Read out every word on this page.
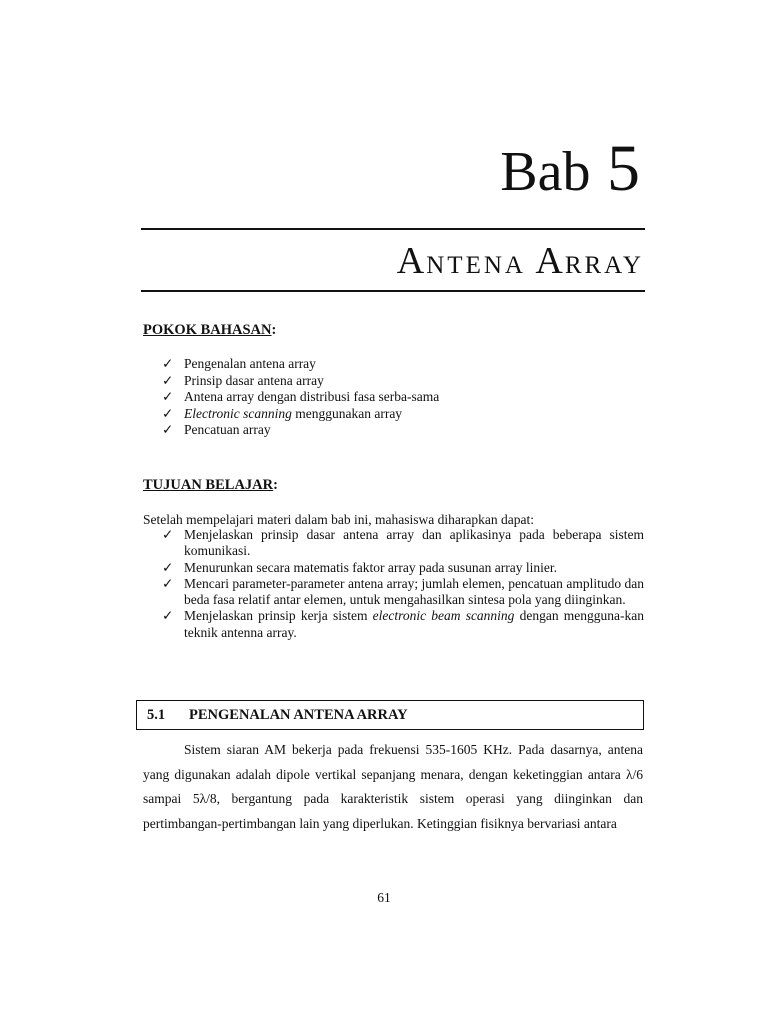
Bab 5
ANTENA ARRAY
POKOK BAHASAN:
✓ Pengenalan antena array
✓ Prinsip dasar antena array
✓ Antena array dengan distribusi fasa serba-sama
✓ Electronic scanning menggunakan array
✓ Pencatuan array
TUJUAN BELAJAR:
Setelah mempelajari materi dalam bab ini, mahasiswa diharapkan dapat:
✓ Menjelaskan prinsip dasar antena array dan aplikasinya pada beberapa sistem komunikasi.
✓ Menurunkan secara matematis faktor array pada susunan array linier.
✓ Mencari parameter-parameter antena array; jumlah elemen, pencatuan amplitudo dan beda fasa relatif antar elemen, untuk mengahasilkan sintesa pola yang diinginkan.
✓ Menjelaskan prinsip kerja sistem electronic beam scanning dengan mengguna-kan teknik antenna array.
5.1 PENGENALAN ANTENA ARRAY

Sistem siaran AM bekerja pada frekuensi 535-1605 KHz. Pada dasarnya, antena yang digunakan adalah dipole vertikal sepanjang menara, dengan keketinggian antara λ/6 sampai 5λ/8, bergantung pada karakteristik sistem operasi yang diinginkan dan pertimbangan-pertimbangan lain yang diperlukan. Ketinggian fisiknya bervariasi antara

61
